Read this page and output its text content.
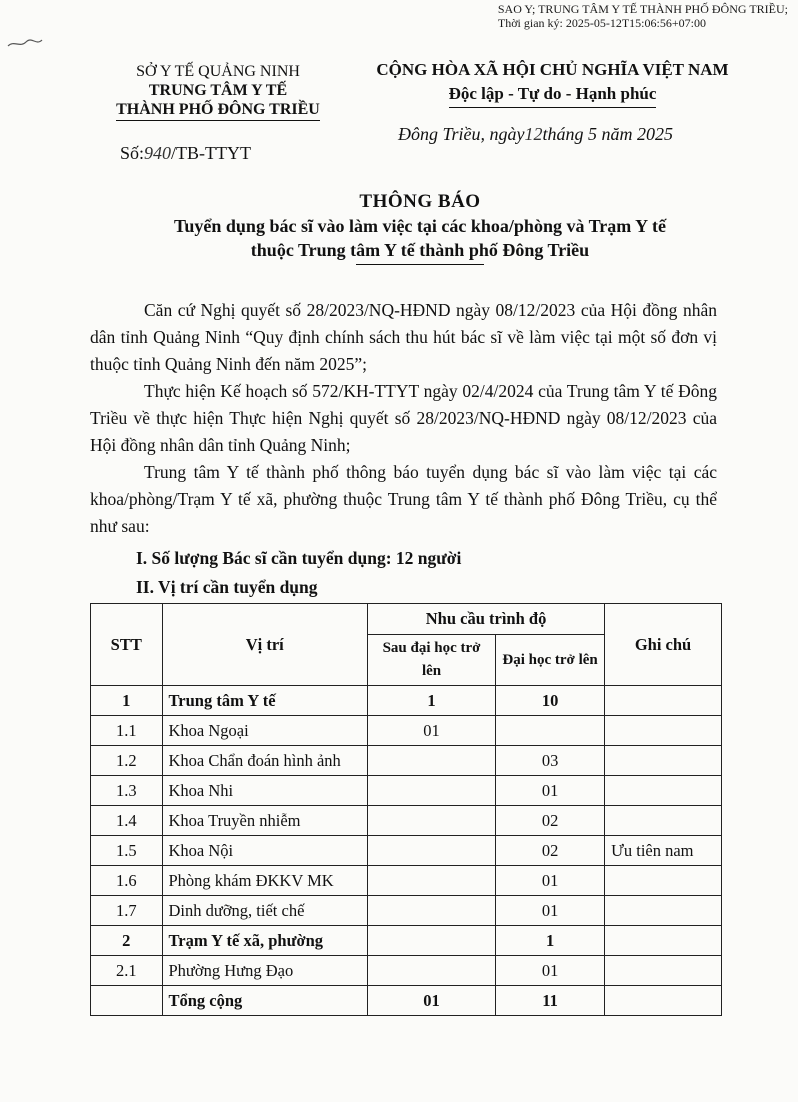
SAO Y; TRUNG TÂM Y TẾ THÀNH PHỐ ĐÔNG TRIỀU;
Thời gian ký: 2025-05-12T15:06:56+07:00
SỞ Y TẾ QUẢNG NINH
TRUNG TÂM Y TẾ
THÀNH PHỐ ĐÔNG TRIỀU
Số:940/TB-TTYT
CỘNG HÒA XÃ HỘI CHỦ NGHĨA VIỆT NAM
Độc lập - Tự do - Hạnh phúc
Đông Triều, ngày12tháng 5 năm 2025
THÔNG BÁO
Tuyển dụng bác sĩ vào làm việc tại các khoa/phòng và Trạm Y tế
thuộc Trung tâm Y tế thành phố Đông Triều

Căn cứ Nghị quyết số 28/2023/NQ-HĐND ngày 08/12/2023 của Hội đồng nhân dân tỉnh Quảng Ninh “Quy định chính sách thu hút bác sĩ về làm việc tại một số đơn vị thuộc tỉnh Quảng Ninh đến năm 2025”;

Thực hiện Kế hoạch số 572/KH-TTYT ngày 02/4/2024 của Trung tâm Y tế Đông Triều về thực hiện Thực hiện Nghị quyết số 28/2023/NQ-HĐND ngày 08/12/2023 của Hội đồng nhân dân tỉnh Quảng Ninh;

Trung tâm Y tế thành phố thông báo tuyển dụng bác sĩ vào làm việc tại các khoa/phòng/Trạm Y tế xã, phường thuộc Trung tâm Y tế thành phố Đông Triều, cụ thể như sau:

I. Số lượng Bác sĩ cần tuyển dụng: 12 người
II. Vị trí cần tuyển dụng
STT	Vị trí	Nhu cầu trình độ		Ghi chú
		Sau đại học trở lên	Đại học trở lên	
1	Trung tâm Y tế	1	10	
1.1	Khoa Ngoại	01		
1.2	Khoa Chẩn đoán hình ảnh		03	
1.3	Khoa Nhi		01	
1.4	Khoa Truyền nhiễm		02	
1.5	Khoa Nội		02	Ưu tiên nam
1.6	Phòng khám ĐKKV MK		01	
1.7	Dinh dưỡng, tiết chế		01	
2	Trạm Y tế xã, phường		1	
2.1	Phường Hưng Đạo		01	
	Tổng cộng	01	11	
